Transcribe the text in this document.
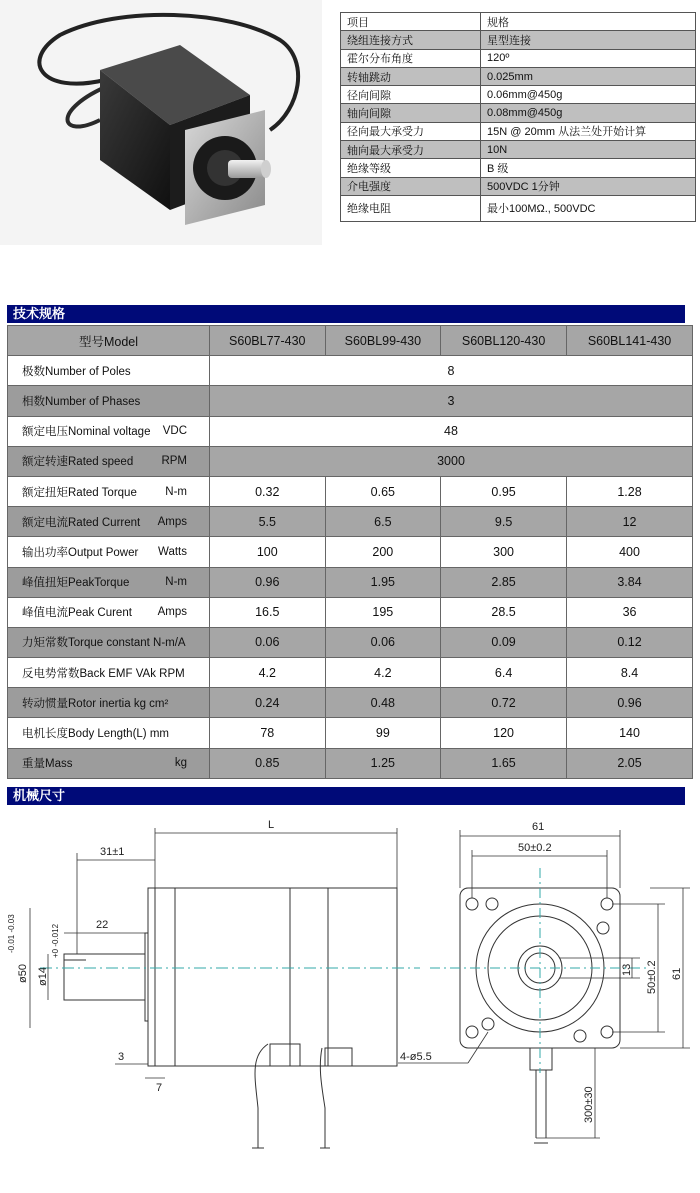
项目	规格
绕组连接方式	星型连接
霍尔分布角度	120º
转轴跳动	0.025mm
径向间隙	0.06mm@450g
轴向间隙	0.08mm@450g
径向最大承受力	15N @ 20mm 从法兰处开始计算
轴向最大承受力	10N
绝缘等级	B 级
介电强度	500VDC 1分钟
绝缘电阻	最小100MΩ., 500VDC
技术规格
型号Model	S60BL77-430	S60BL99-430	S60BL120-430	S60BL141-430
极数Number of Poles	8			
相数Number of Phases	3			
额定电压Nominal voltage VDC	48			
额定转速Rated speed RPM	3000			
额定扭矩Rated Torque N-m	0.32	0.65	0.95	1.28
额定电流Rated Current Amps	5.5	6.5	9.5	12
输出功率Output Power Watts	100	200	300	400
峰值扭矩PeakTorque N-m	0.96	1.95	2.85	3.84
峰值电流Peak Curent Amps	16.5	195	28.5	36
力矩常数Torque constant N-m/A	0.06	0.06	0.09	0.12
反电势常数Back EMF VAk RPM	4.2	4.2	6.4	8.4
转动惯量Rotor inertia kg cm²	0.24	0.48	0.72	0.96
电机长度Body Length(L) mm	78	99	120	140
重量Mass kg	0.85	1.25	1.65	2.05
机械尺寸
L
31±1
22
3
7
ø50
-0.01 -0.03
ø14
+0 -0.012
61
50±0.2
61
50±0.2
13
4-ø5.5
300±30
